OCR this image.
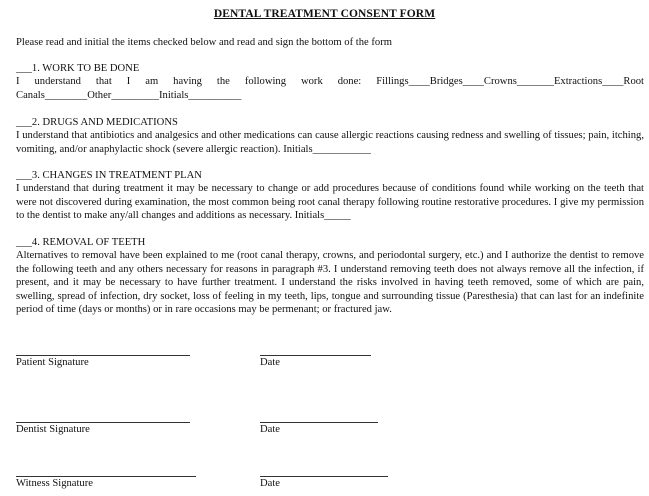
DENTAL TREATMENT CONSENT FORM
Please read and initial the items checked below and read and sign the bottom of the form
___1. WORK TO BE DONE

I understand that I am having the following work done: Fillings____Bridges____Crowns_______Extractions____Root Canals________Other_________Initials__________

___2. DRUGS AND MEDICATIONS

I understand that antibiotics and analgesics and other medications can cause allergic reactions causing redness and swelling of tissues; pain, itching, vomiting, and/or anaphylactic shock (severe allergic reaction). Initials___________

___3. CHANGES IN TREATMENT PLAN

I understand that during treatment it may be necessary to change or add procedures because of conditions found while working on the teeth that were not discovered during examination, the most common being root canal therapy following routine restorative procedures. I give my permission to the dentist to make any/all changes and additions as necessary. Initials_____

___4. REMOVAL OF TEETH

Alternatives to removal have been explained to me (root canal therapy, crowns, and periodontal surgery, etc.) and I authorize the dentist to remove the following teeth and any others necessary for reasons in paragraph #3. I understand removing teeth does not always remove all the infection, if present, and it may be necessary to have further treatment. I understand the risks involved in having teeth removed, some of which are pain, swelling, spread of infection, dry socket, loss of feeling in my teeth, lips, tongue and surrounding tissue (Paresthesia) that can last for an indefinite period of time (days or months) or in rare occasions may be permenant; or fractured jaw.

Patient Signature	Date
Dentist Signature	Date
Witness Signature	Date
